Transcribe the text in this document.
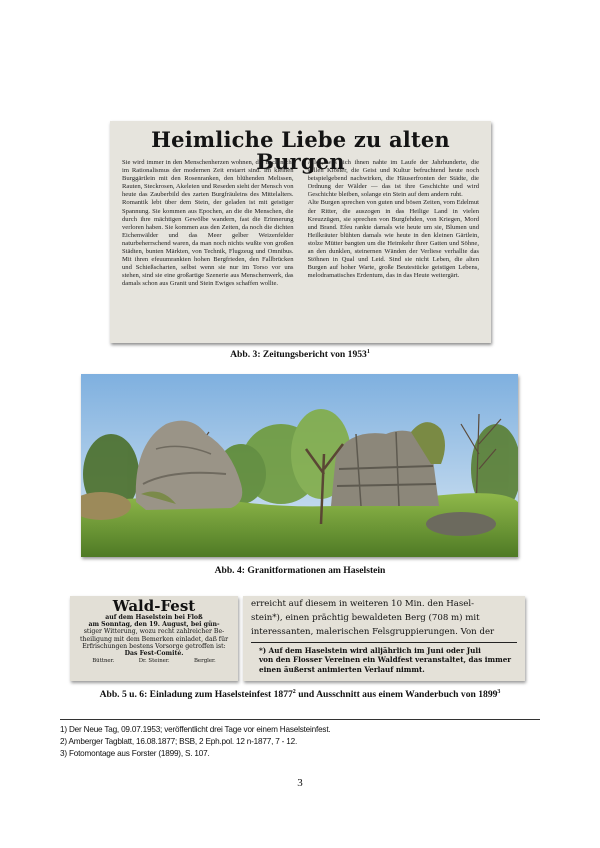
Heimliche Liebe zu alten Burgen
Sie wird immer in den Menschenherzen wohnen, die noch nicht im Rationalismus der modernen Zeit erstarrt sind. Im kleinen Burggärtlein mit den Rosenranken, den blühenden Melissen, Rauten, Steckrosen, Akeleien und Reseden sieht der Mensch von heute das Zauberbild des zarten Burgfräuleins des Mittelalters. Romantik lebt über dem Stein, der geladen ist mit geistiger Spannung. Sie kommen aus Epochen, an die die Menschen, die durch ihre mächtigen Gewölbe wandern, fast die Erinnerung verloren haben. Sie kommen aus den Zeiten, da noch die dichten Eichenwälder und das Meer gelber Weizenfelder naturbeherrschend waren, da man noch nichts wußte von großen Städten, bunten Märkten, von Technik, Flugzeug und Omnibus. Mit ihren efeuumrankten hohen Bergfrieden, den Fallbrücken und Schießscharten, selbst wenn sie nur im Torso vor uns stehen, sind sie eine großartige Szenerie aus Menschenwerk, das damals schon aus Granit und Stein Ewiges schaffen wollte.
Alles, was sich ihnen nahte im Laufe der Jahrhunderte, die stillen Klöster, die Geist und Kultur befruchtend heute noch beispielgebend nachwirken, die Häuserfronten der Städte, die Ordnung der Wälder — das ist ihre Geschichte und wird Geschichte bleiben, solange ein Stein auf dem andern ruht.
Alte Burgen sprechen von guten und bösen Zeiten, vom Edelmut der Ritter, die auszogen in das Heilige Land in vielen Kreuzzügen, sie sprechen von Burgfehden, von Kriegen, Mord und Brand. Efeu rankte damals wie heute um sie, Blumen und Heilkräuter blühten damals wie heute in den kleinen Gärtlein, stolze Mütter bangten um die Heimkehr ihrer Gatten und Söhne, an den dunklen, steinernen Wänden der Verliese verhallte das Stöhnen in Qual und Leid. Sind sie nicht Leben, die alten Burgen auf hoher Warte, große Beutestücke geistigen Lebens, melodramatisches Erdentum, das in das Heute weitergärt.
Abb. 3: Zeitungsbericht von 1953$^1$
Abb. 4: Granitformationen am Haselstein
Wald-Fest
auf dem Haselstein bei Floß
am Sonntag, den 19. August, bei gün-
stiger Witterung, wozu recht zahlreicher Be-
theiligung mit dem Bemerken einladet, daß für
Erfrischungen bestens Vorsorge getroffen ist:
Das Fest-Comité.
Büttner.	Dr. Steiner.	Bergler.
erreicht auf diesem in weiteren 10 Min. den Hasel-
stein*), einen prächtig bewaldeten Berg (708 m) mit
interessanten, malerischen Felsgruppierungen. Von der
*) Auf dem Haselstein wird alljährlich im Juni oder Juli
von den Flosser Vereinen ein Waldfest veranstaltet, das immer
einen äußerst animierten Verlauf nimmt.
Abb. 5 u. 6: Einladung zum Haselsteinfest 1877$^2$ und Ausschnitt aus einem Wanderbuch von 1899$^3$
1) Der Neue Tag, 09.07.1953; veröffentlicht drei Tage vor einem Haselsteinfest.
2) Amberger Tagblatt, 16.08.1877; BSB, 2 Eph.pol. 12 n-1877, 7 - 12.
3) Fotomontage aus Forster (1899), S. 107.
3
